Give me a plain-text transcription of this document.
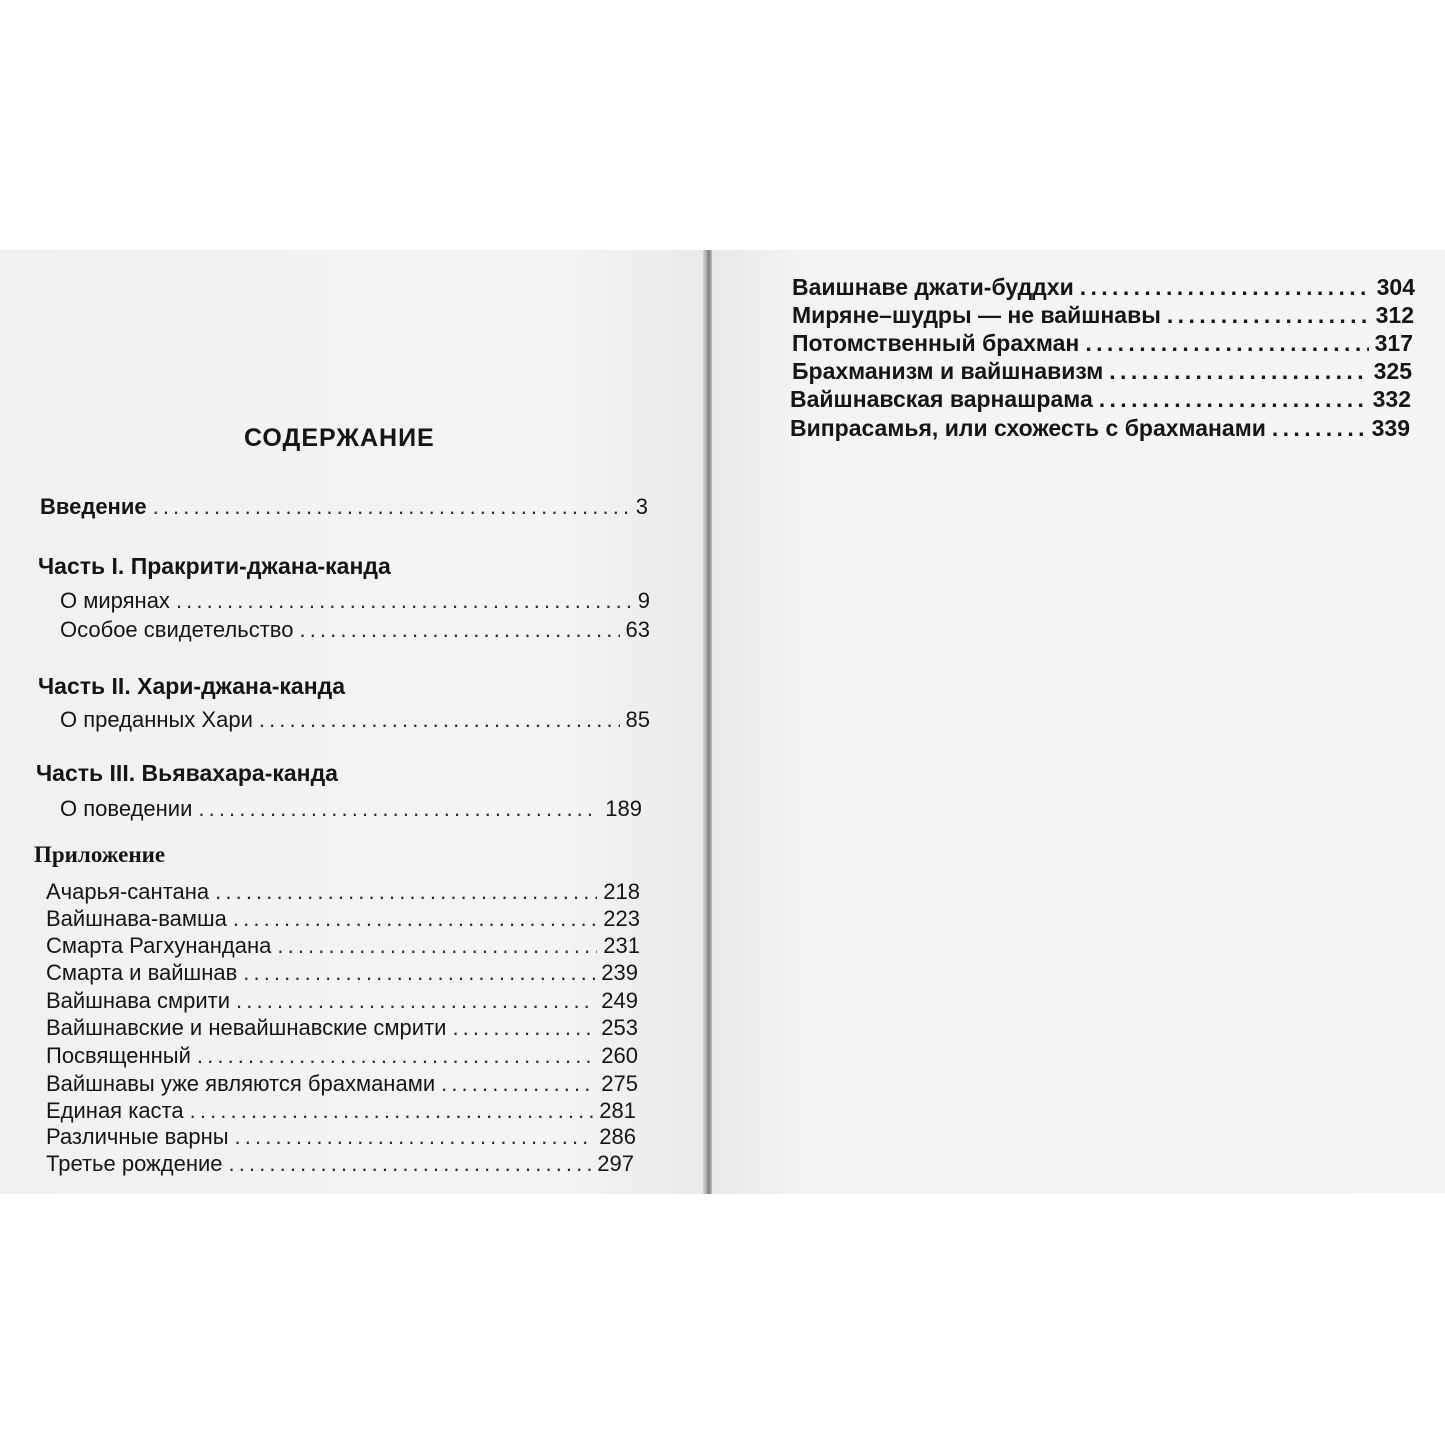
СОДЕРЖАНИЕ
Введение . . .	3
Часть I. Пракрити-джана-канда
О мирянах . . .	9
Особое свидетельство . . .	63
Часть II. Хари-джана-канда
О преданных Хари . . .	85
Часть III. Вьявахара-канда
О поведении . . .	189
Приложение
Ачарья-сантана . . .	218
Вайшнава-вамша . . .	223
Смарта Рагхунандана . . .	231
Смарта и вайшнав . . .	239
Вайшнава смрити . . .	249
Вайшнавские и невайшнавские смрити . . .	253
Посвященный . . .	260
Вайшнавы уже являются брахманами . . .	275
Единая каста . . .	281
Различные варны . . .	286
Третье рождение . . .	297
Ваишнаве джати-буддхи . . .	304
Миряне–шудры — не вайшнавы . . .	312
Потомственный брахман . . .	317
Брахманизм и вайшнавизм . . .	325
Вайшнавская варнашрама . . .	332
Випрасамья, или схожесть с брахманами . . .	339
